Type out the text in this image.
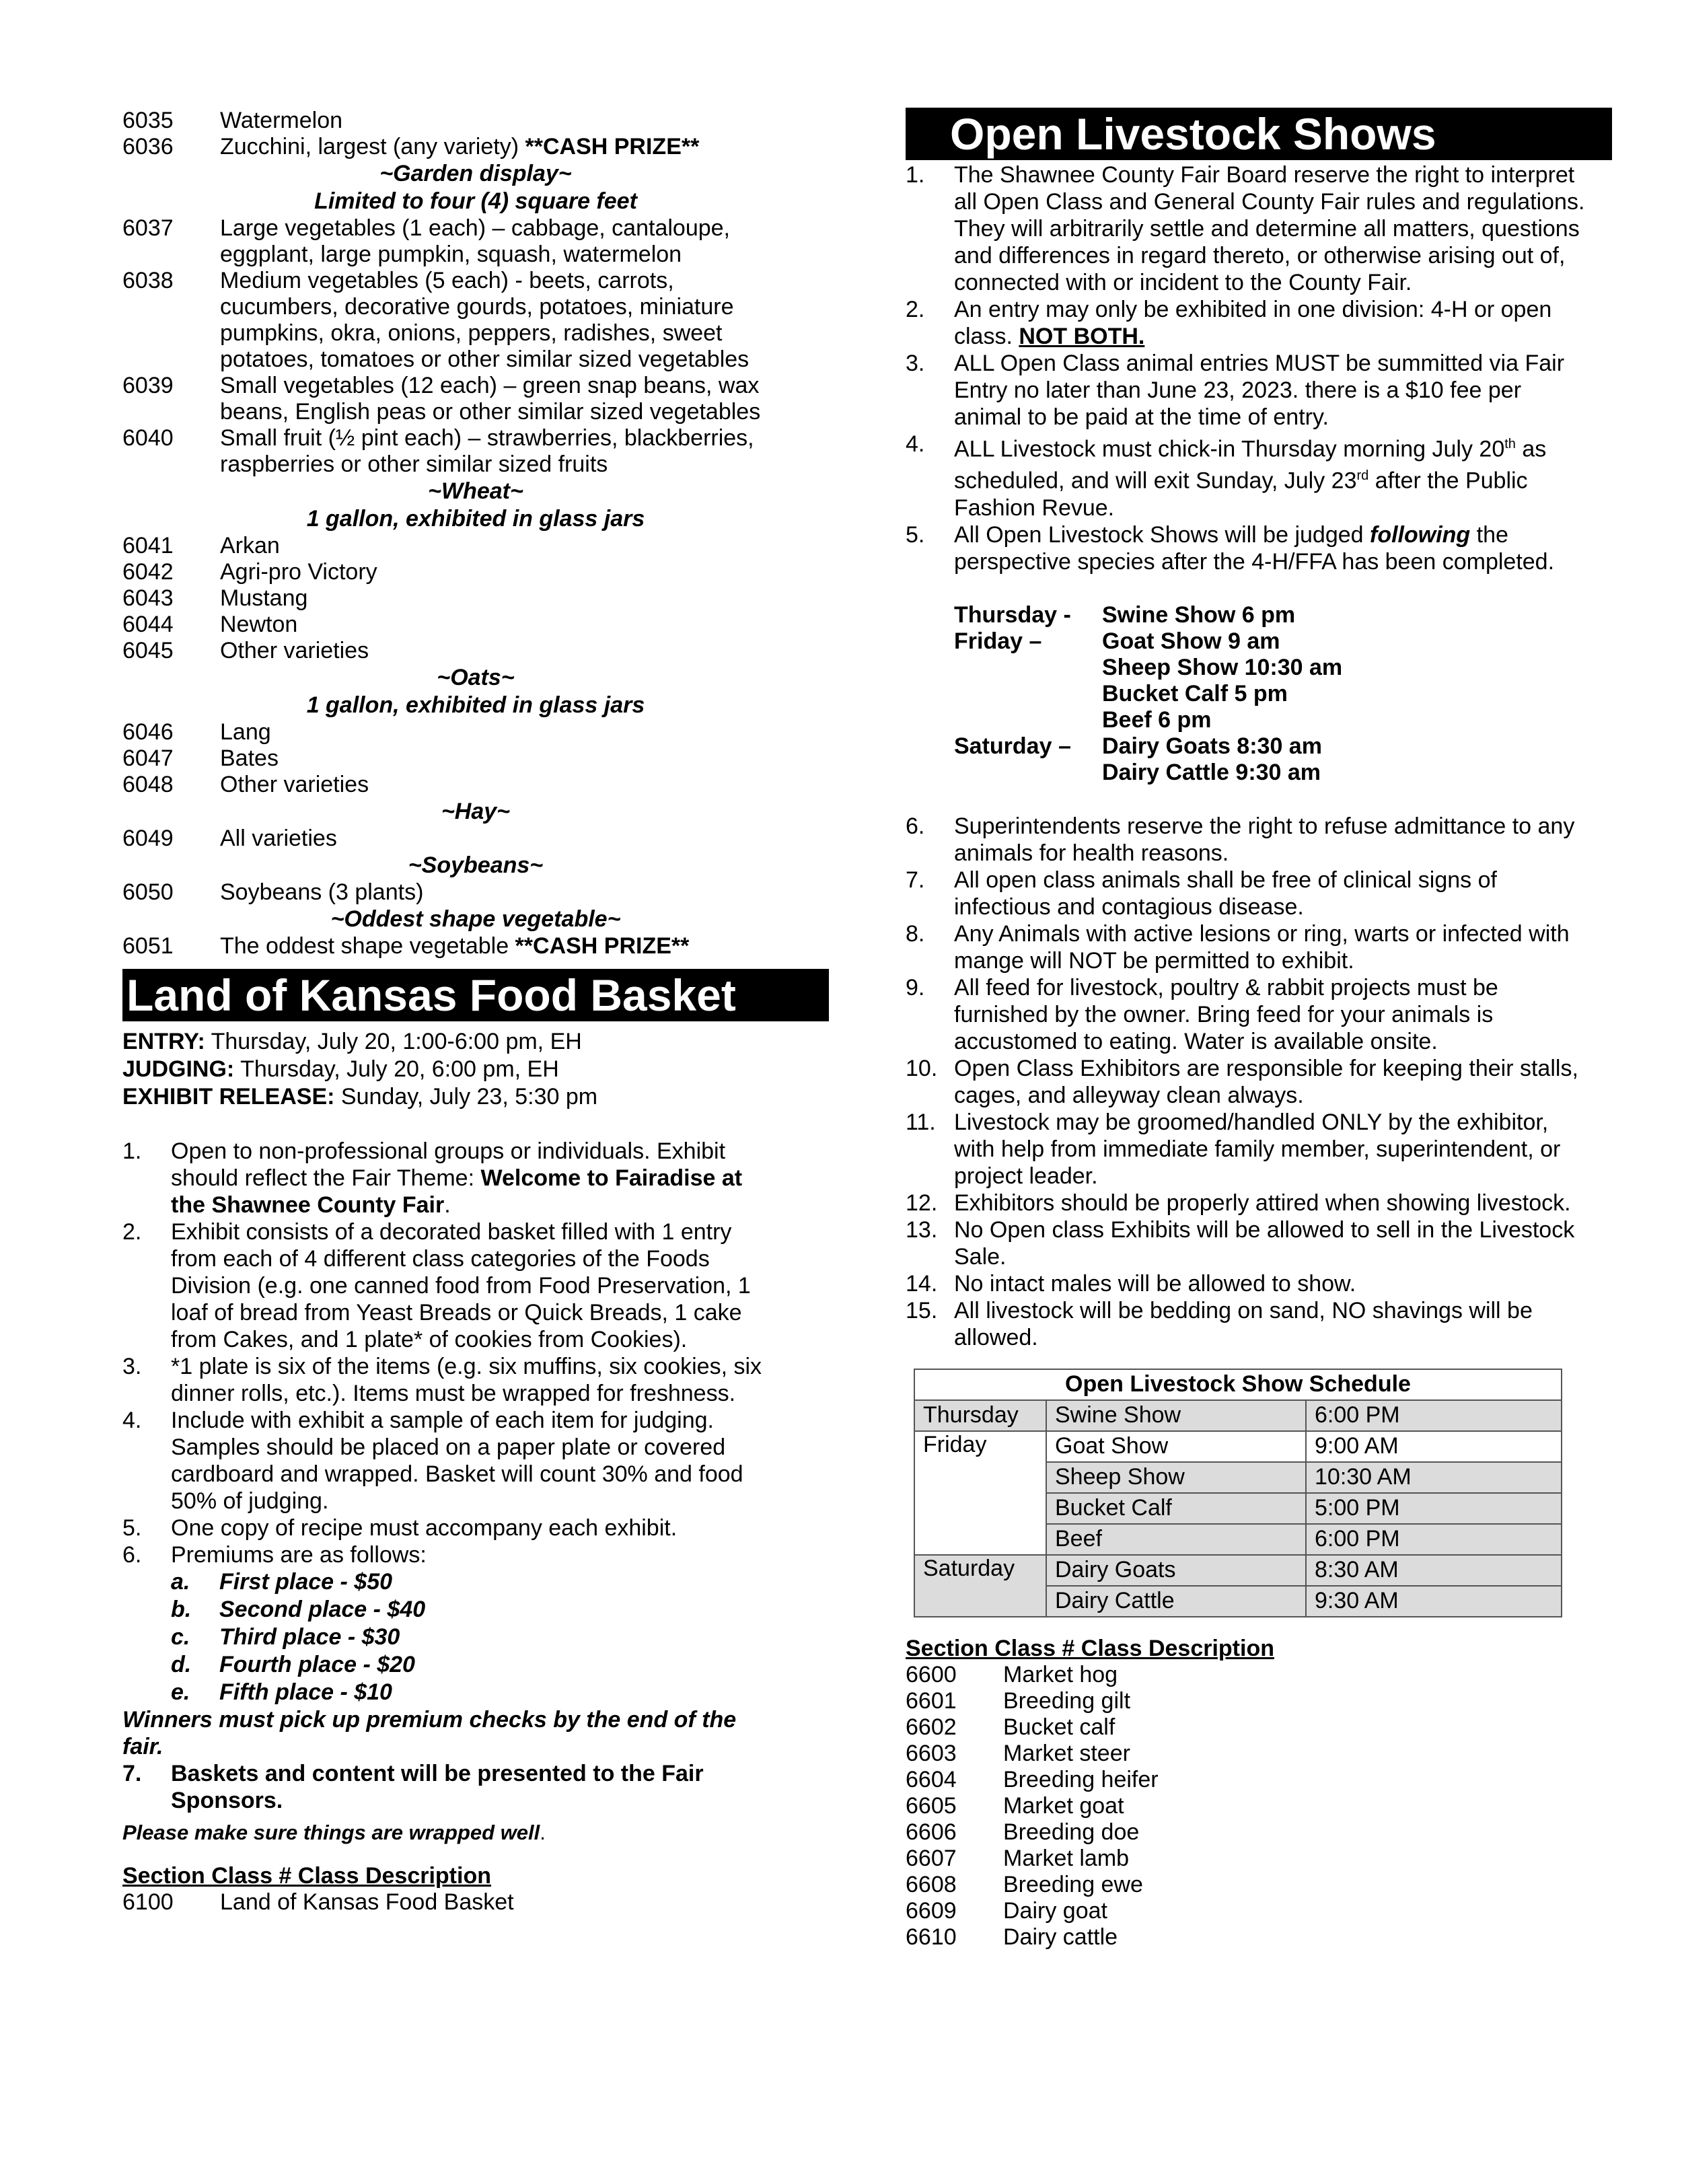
6035	Watermelon
6036	Zucchini, largest (any variety) **CASH PRIZE**
~Garden display~
Limited to four (4) square feet
6037	Large vegetables (1 each) – cabbage, cantaloupe,
eggplant, large pumpkin, squash, watermelon
6038	Medium vegetables (5 each) - beets, carrots,
cucumbers, decorative gourds, potatoes, miniature
pumpkins, okra, onions, peppers, radishes, sweet
potatoes, tomatoes or other similar sized vegetables
6039	Small vegetables (12 each) – green snap beans, wax
beans, English peas or other similar sized vegetables
6040	Small fruit (½ pint each) – strawberries, blackberries,
raspberries or other similar sized fruits
~Wheat~
1 gallon, exhibited in glass jars
6041	Arkan
6042	Agri-pro Victory
6043	Mustang
6044	Newton
6045	Other varieties
~Oats~
1 gallon, exhibited in glass jars
6046	Lang
6047	Bates
6048	Other varieties
~Hay~
6049	All varieties
~Soybeans~
6050	Soybeans (3 plants)
~Oddest shape vegetable~
6051	The oddest shape vegetable **CASH PRIZE**
Land of Kansas Food Basket
ENTRY: Thursday, July 20, 1:00-6:00 pm, EH
JUDGING: Thursday, July 20, 6:00 pm, EH
EXHIBIT RELEASE: Sunday, July 23, 5:30 pm
1.	Open to non-professional groups or individuals. Exhibit
should reflect the Fair Theme: Welcome to Fairadise at
the Shawnee County Fair.
2.	Exhibit consists of a decorated basket filled with 1 entry
from each of 4 different class categories of the Foods
Division (e.g. one canned food from Food Preservation, 1
loaf of bread from Yeast Breads or Quick Breads, 1 cake
from Cakes, and 1 plate* of cookies from Cookies).
3.	*1 plate is six of the items (e.g. six muffins, six cookies, six
dinner rolls, etc.). Items must be wrapped for freshness.
4.	Include with exhibit a sample of each item for judging.
Samples should be placed on a paper plate or covered
cardboard and wrapped. Basket will count 30% and food
50% of judging.
5.	One copy of recipe must accompany each exhibit.
6.	Premiums are as follows:
a.	First place - $50
b.	Second place - $40
c.	Third place - $30
d.	Fourth place - $20
e.	Fifth place - $10
Winners must pick up premium checks by the end of the
fair.
7.	Baskets and content will be presented to the Fair
Sponsors.
Please make sure things are wrapped well.
Section Class # Class Description
6100	Land of Kansas Food Basket
Open Livestock Shows
1.	The Shawnee County Fair Board reserve the right to interpret
all Open Class and General County Fair rules and regulations.
They will arbitrarily settle and determine all matters, questions
and differences in regard thereto, or otherwise arising out of,
connected with or incident to the County Fair.
2.	An entry may only be exhibited in one division: 4-H or open
class. NOT BOTH.
3.	ALL Open Class animal entries MUST be summitted via Fair
Entry no later than June 23, 2023. there is a $10 fee per
animal to be paid at the time of entry.
4.	ALL Livestock must chick-in Thursday morning July 20th as
scheduled, and will exit Sunday, July 23rd after the Public
Fashion Revue.
5.	All Open Livestock Shows will be judged following the
perspective species after the 4-H/FFA has been completed.
Thursday -	Swine Show 6 pm
Friday –	Goat Show 9 am
Sheep Show 10:30 am
Bucket Calf 5 pm
Beef 6 pm
Saturday –	Dairy Goats 8:30 am
Dairy Cattle 9:30 am
6.	Superintendents reserve the right to refuse admittance to any
animals for health reasons.
7.	All open class animals shall be free of clinical signs of
infectious and contagious disease.
8.	Any Animals with active lesions or ring, warts or infected with
mange will NOT be permitted to exhibit.
9.	All feed for livestock, poultry & rabbit projects must be
furnished by the owner. Bring feed for your animals is
accustomed to eating. Water is available onsite.
10. Open Class Exhibitors are responsible for keeping their stalls,
cages, and alleyway clean always.
11. Livestock may be groomed/handled ONLY by the exhibitor,
with help from immediate family member, superintendent, or
project leader.
12. Exhibitors should be properly attired when showing livestock.
13. No Open class Exhibits will be allowed to sell in the Livestock
Sale.
14. No intact males will be allowed to show.
15. All livestock will be bedding on sand, NO shavings will be
allowed.
Open Livestock Show Schedule		
Thursday	Swine Show	6:00 PM
Friday	Goat Show	9:00 AM
	Sheep Show	10:30 AM
	Bucket Calf	5:00 PM
	Beef	6:00 PM
Saturday	Dairy Goats	8:30 AM
	Dairy Cattle	9:30 AM
Section Class # Class Description
6600	Market hog
6601	Breeding gilt
6602	Bucket calf
6603	Market steer
6604	Breeding heifer
6605	Market goat
6606	Breeding doe
6607	Market lamb
6608	Breeding ewe
6609	Dairy goat
6610	Dairy cattle
